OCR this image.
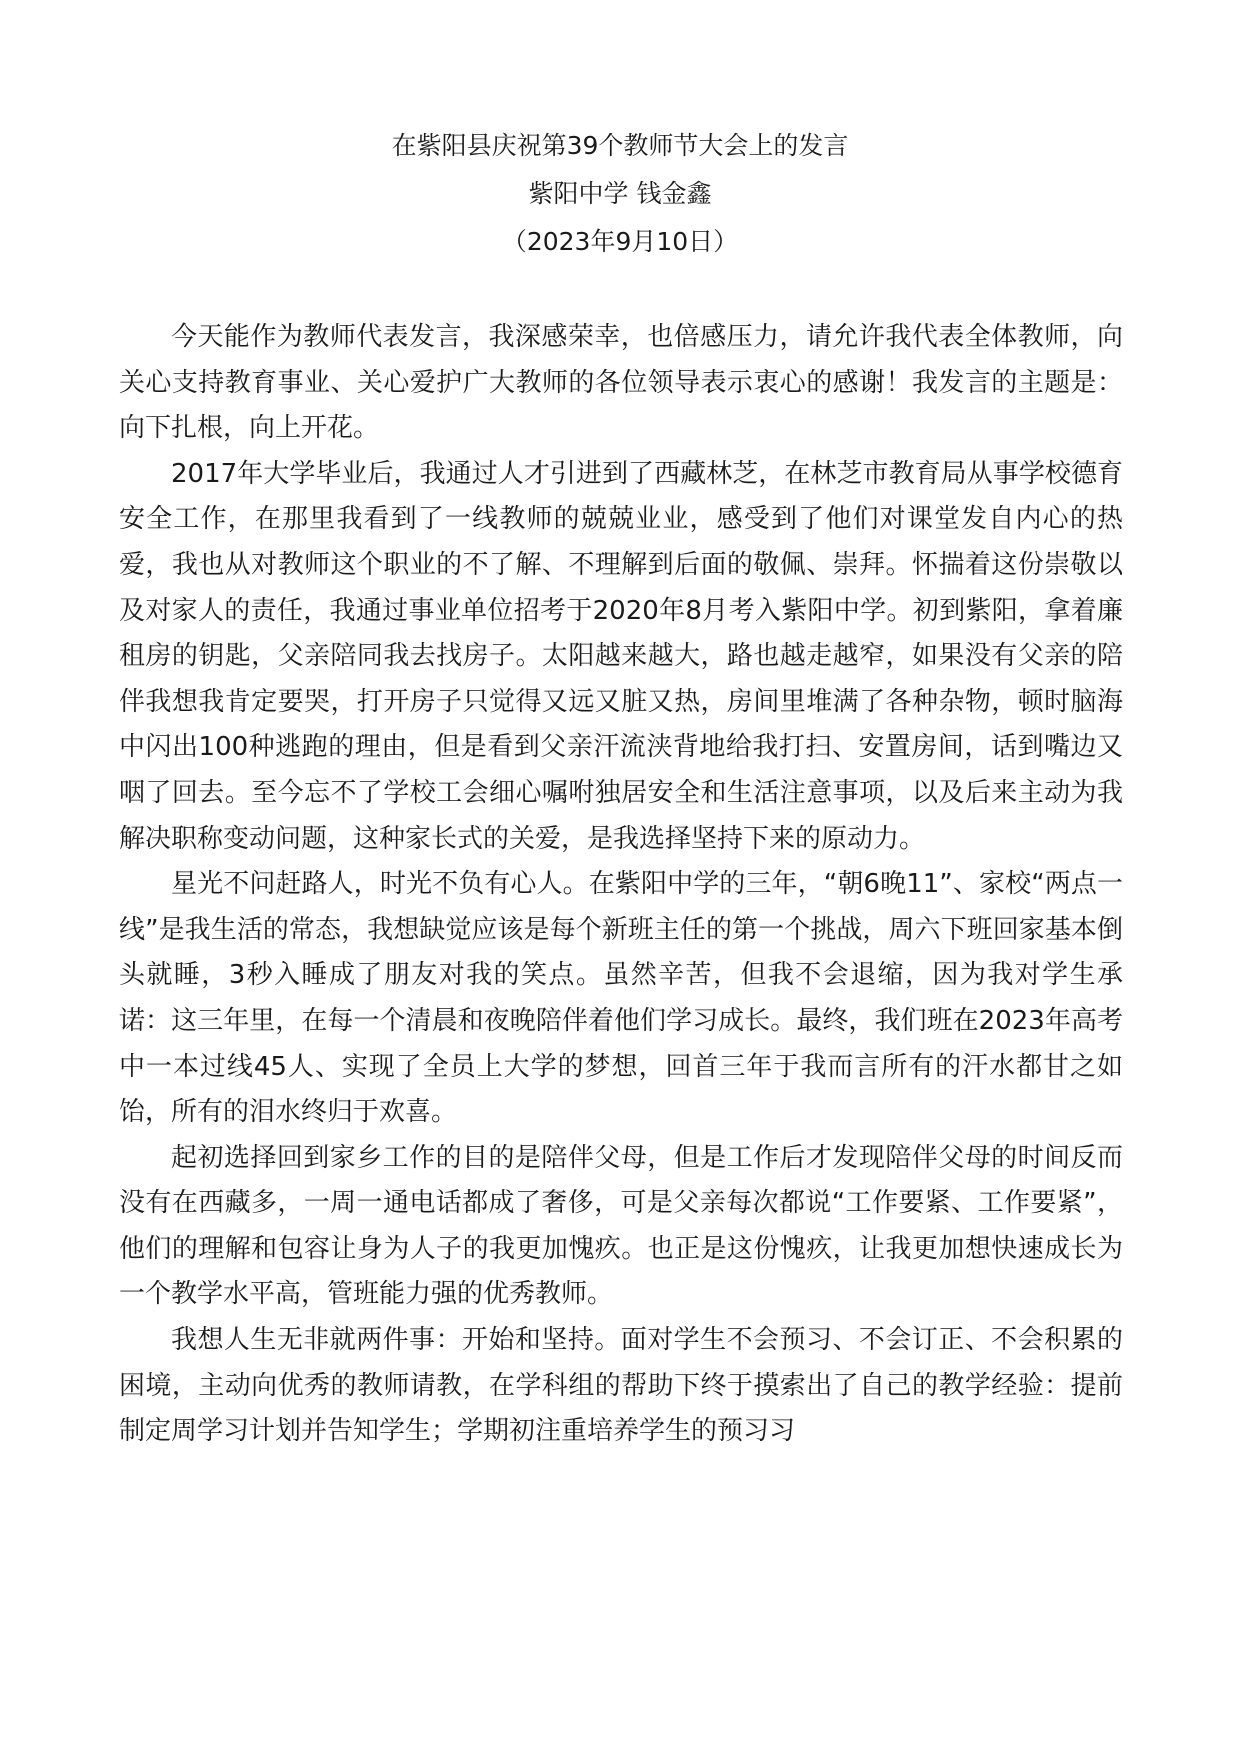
在紫阳县庆祝第39个教师节大会上的发言
紫阳中学 钱金鑫
（2023年9月10日）

今天能作为教师代表发言，我深感荣幸，也倍感压力，请允许我代表全体教师，向关心支持教育事业、关心爱护广大教师的各位领导表示衷心的感谢！我发言的主题是：向下扎根，向上开花。

2017年大学毕业后，我通过人才引进到了西藏林芝，在林芝市教育局从事学校德育安全工作，在那里我看到了一线教师的兢兢业业，感受到了他们对课堂发自内心的热爱，我也从对教师这个职业的不了解、不理解到后面的敬佩、崇拜。怀揣着这份崇敬以及对家人的责任，我通过事业单位招考于2020年8月考入紫阳中学。初到紫阳，拿着廉租房的钥匙，父亲陪同我去找房子。太阳越来越大，路也越走越窄，如果没有父亲的陪伴我想我肯定要哭，打开房子只觉得又远又脏又热，房间里堆满了各种杂物，顿时脑海中闪出100种逃跑的理由，但是看到父亲汗流浃背地给我打扫、安置房间，话到嘴边又咽了回去。至今忘不了学校工会细心嘱咐独居安全和生活注意事项，以及后来主动为我解决职称变动问题，这种家长式的关爱，是我选择坚持下来的原动力。

星光不问赶路人，时光不负有心人。在紫阳中学的三年，“朝6晚11”、家校“两点一线”是我生活的常态，我想缺觉应该是每个新班主任的第一个挑战，周六下班回家基本倒头就睡，3秒入睡成了朋友对我的笑点。虽然辛苦，但我不会退缩，因为我对学生承诺：这三年里，在每一个清晨和夜晚陪伴着他们学习成长。最终，我们班在2023年高考中一本过线45人、实现了全员上大学的梦想，回首三年于我而言所有的汗水都甘之如饴，所有的泪水终归于欢喜。

起初选择回到家乡工作的目的是陪伴父母，但是工作后才发现陪伴父母的时间反而没有在西藏多，一周一通电话都成了奢侈，可是父亲每次都说“工作要紧、工作要紧”，他们的理解和包容让身为人子的我更加愧疚。也正是这份愧疚，让我更加想快速成长为一个教学水平高，管班能力强的优秀教师。

我想人生无非就两件事：开始和坚持。面对学生不会预习、不会订正、不会积累的困境，主动向优秀的教师请教，在学科组的帮助下终于摸索出了自己的教学经验：提前制定周学习计划并告知学生；学期初注重培养学生的预习习
